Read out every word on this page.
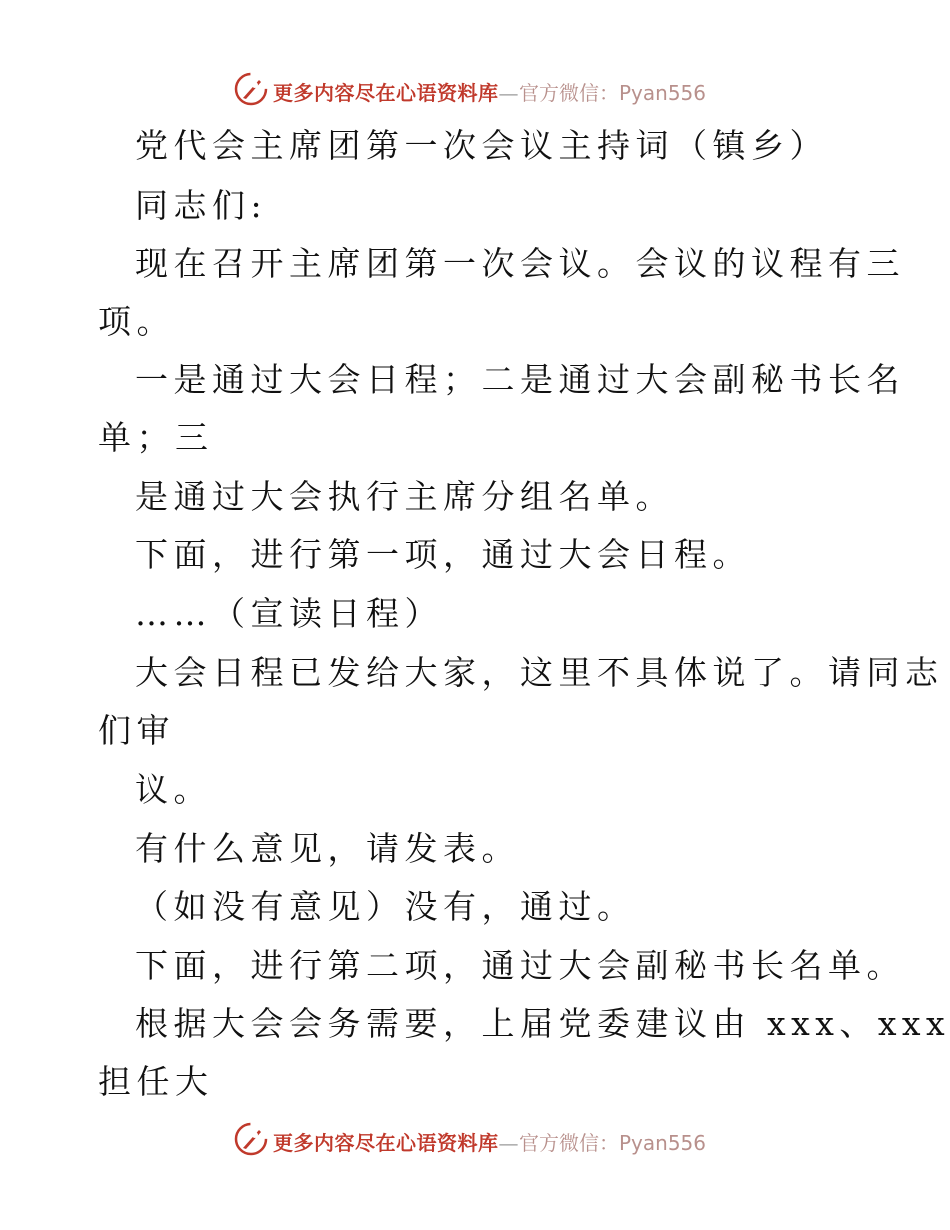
更多内容尽在心语资料库—官方微信：Pyan556
党代会主席团第一次会议主持词（镇乡）
同志们:
现在召开主席团第一次会议。会议的议程有三
项。
一是通过大会日程；二是通过大会副秘书长名
单；三
是通过大会执行主席分组名单。
下面，进行第一项，通过大会日程。
……（宣读日程）
大会日程已发给大家，这里不具体说了。请同志
们审
议。
有什么意见，请发表。
（如没有意见）没有，通过。
下面，进行第二项，通过大会副秘书长名单。
根据大会会务需要，上届党委建议由 xxx、xxx
担任大
更多内容尽在心语资料库—官方微信：Pyan556
